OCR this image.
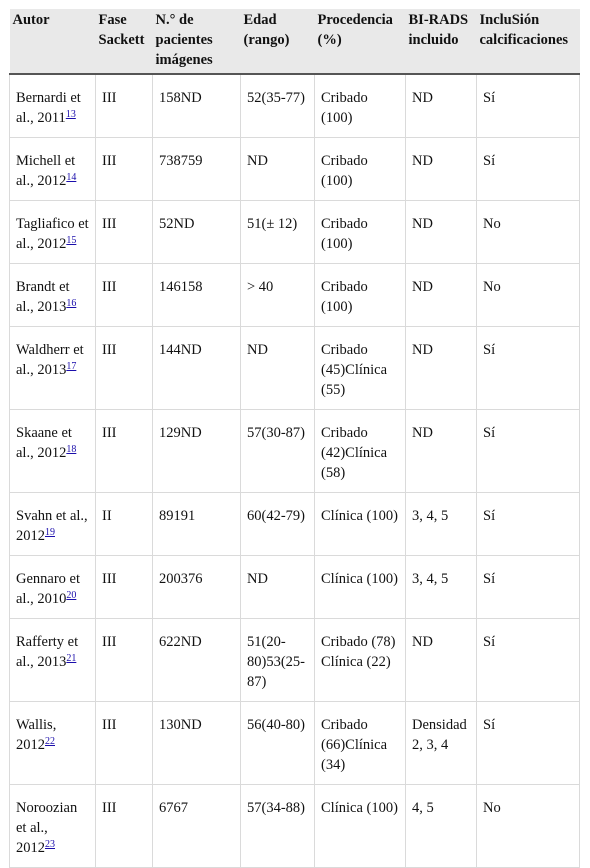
Autor	Fase Sackett	N.° de pacientes imágenes	Edad (rango)	Procedencia (%)	BI-RADS incluido	IncluSión calcificaciones
Bernardi et al., 2011$^{13}$	III	158ND	52(35-77)	Cribado (100)	ND	Sí
Michell et al., 2012$^{14}$	III	738759	ND	Cribado (100)	ND	Sí
Tagliafico et al., 2012$^{15}$	III	52ND	51(± 12)	Cribado (100)	ND	No
Brandt et al., 2013$^{16}$	III	146158	> 40	Cribado (100)	ND	No
Waldherr et al., 2013$^{17}$	III	144ND	ND	Cribado (45)Clínica (55)	ND	Sí
Skaane et al., 2012$^{18}$	III	129ND	57(30-87)	Cribado (42)Clínica (58)	ND	Sí
Svahn et al., 2012$^{19}$	II	89191	60(42-79)	Clínica (100)	3, 4, 5	Sí
Gennaro et al., 2010$^{20}$	III	200376	ND	Clínica (100)	3, 4, 5	Sí
Rafferty et al., 2013$^{21}$	III	622ND	51(20-80)53(25-87)	Cribado (78) Clínica (22)	ND	Sí
Wallis, 2012$^{22}$	III	130ND	56(40-80)	Cribado (66)Clínica (34)	Densidad 2, 3, 4	Sí
Noroozian et al., 2012$^{23}$	III	6767	57(34-88)	Clínica (100)	4, 5	No
